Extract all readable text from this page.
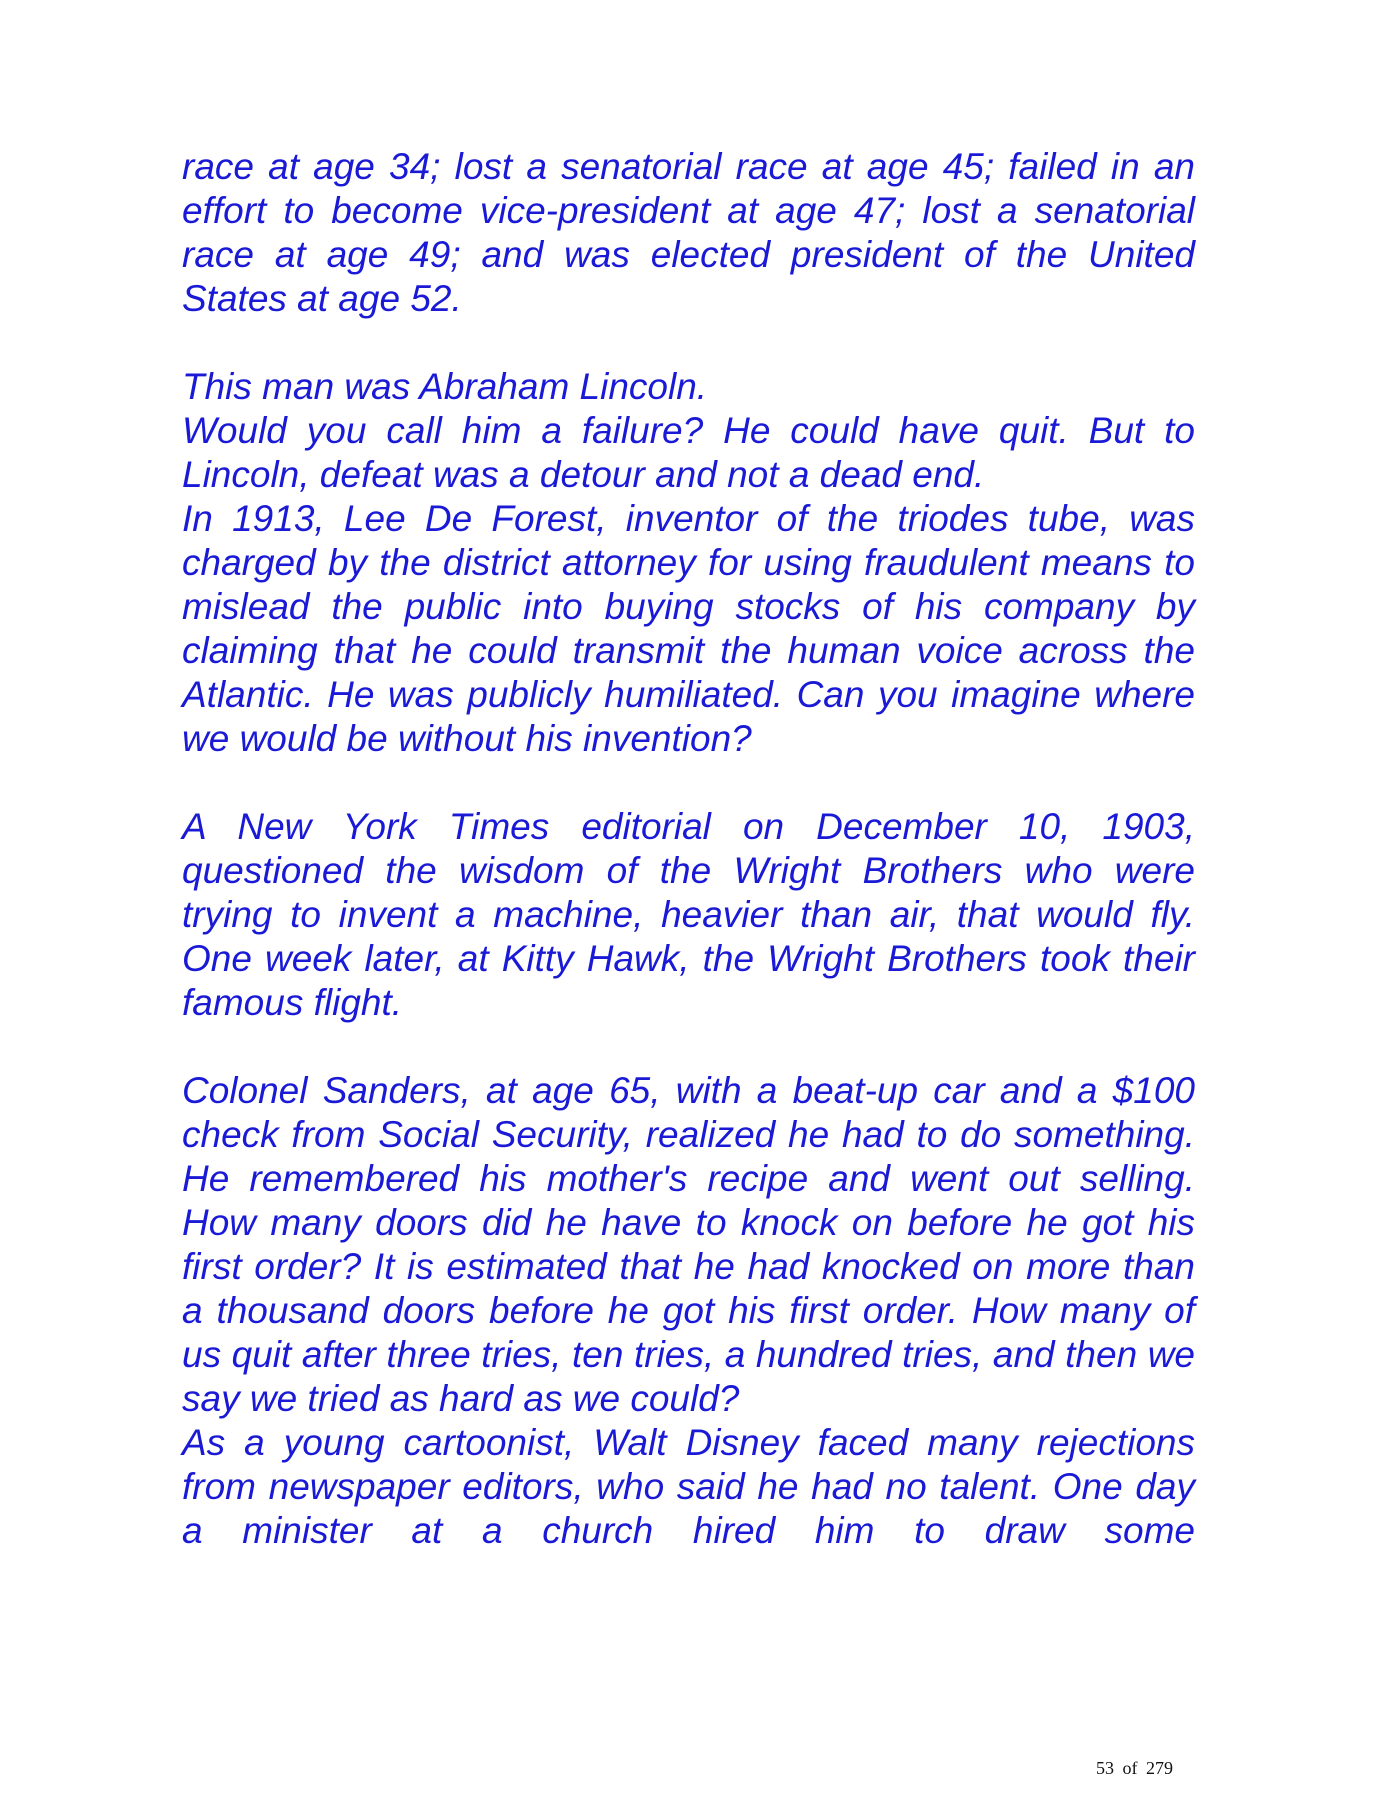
race at age 34; lost a senatorial race at age 45; failed in an effort to become vice-president at age 47; lost a senatorial race at age 49; and was elected president of the United States at age 52.

This man was Abraham Lincoln.

Would you call him a failure? He could have quit. But to Lincoln, defeat was a detour and not a dead end.

In 1913, Lee De Forest, inventor of the triodes tube, was charged by the district attorney for using fraudulent means to mislead the public into buying stocks of his company by claiming that he could transmit the human voice across the Atlantic. He was publicly humiliated. Can you imagine where we would be without his invention?

A New York Times editorial on December 10, 1903, questioned the wisdom of the Wright Brothers who were trying to invent a machine, heavier than air, that would fly. One week later, at Kitty Hawk, the Wright Brothers took their famous flight.

Colonel Sanders, at age 65, with a beat-up car and a $100 check from Social Security, realized he had to do something. He remembered his mother's recipe and went out selling. How many doors did he have to knock on before he got his first order? It is estimated that he had knocked on more than a thousand doors before he got his first order. How many of us quit after three tries, ten tries, a hundred tries, and then we say we tried as hard as we could?

As a young cartoonist, Walt Disney faced many rejections from newspaper editors, who said he had no talent. One day a minister at a church hired him to draw some

53 of 279
